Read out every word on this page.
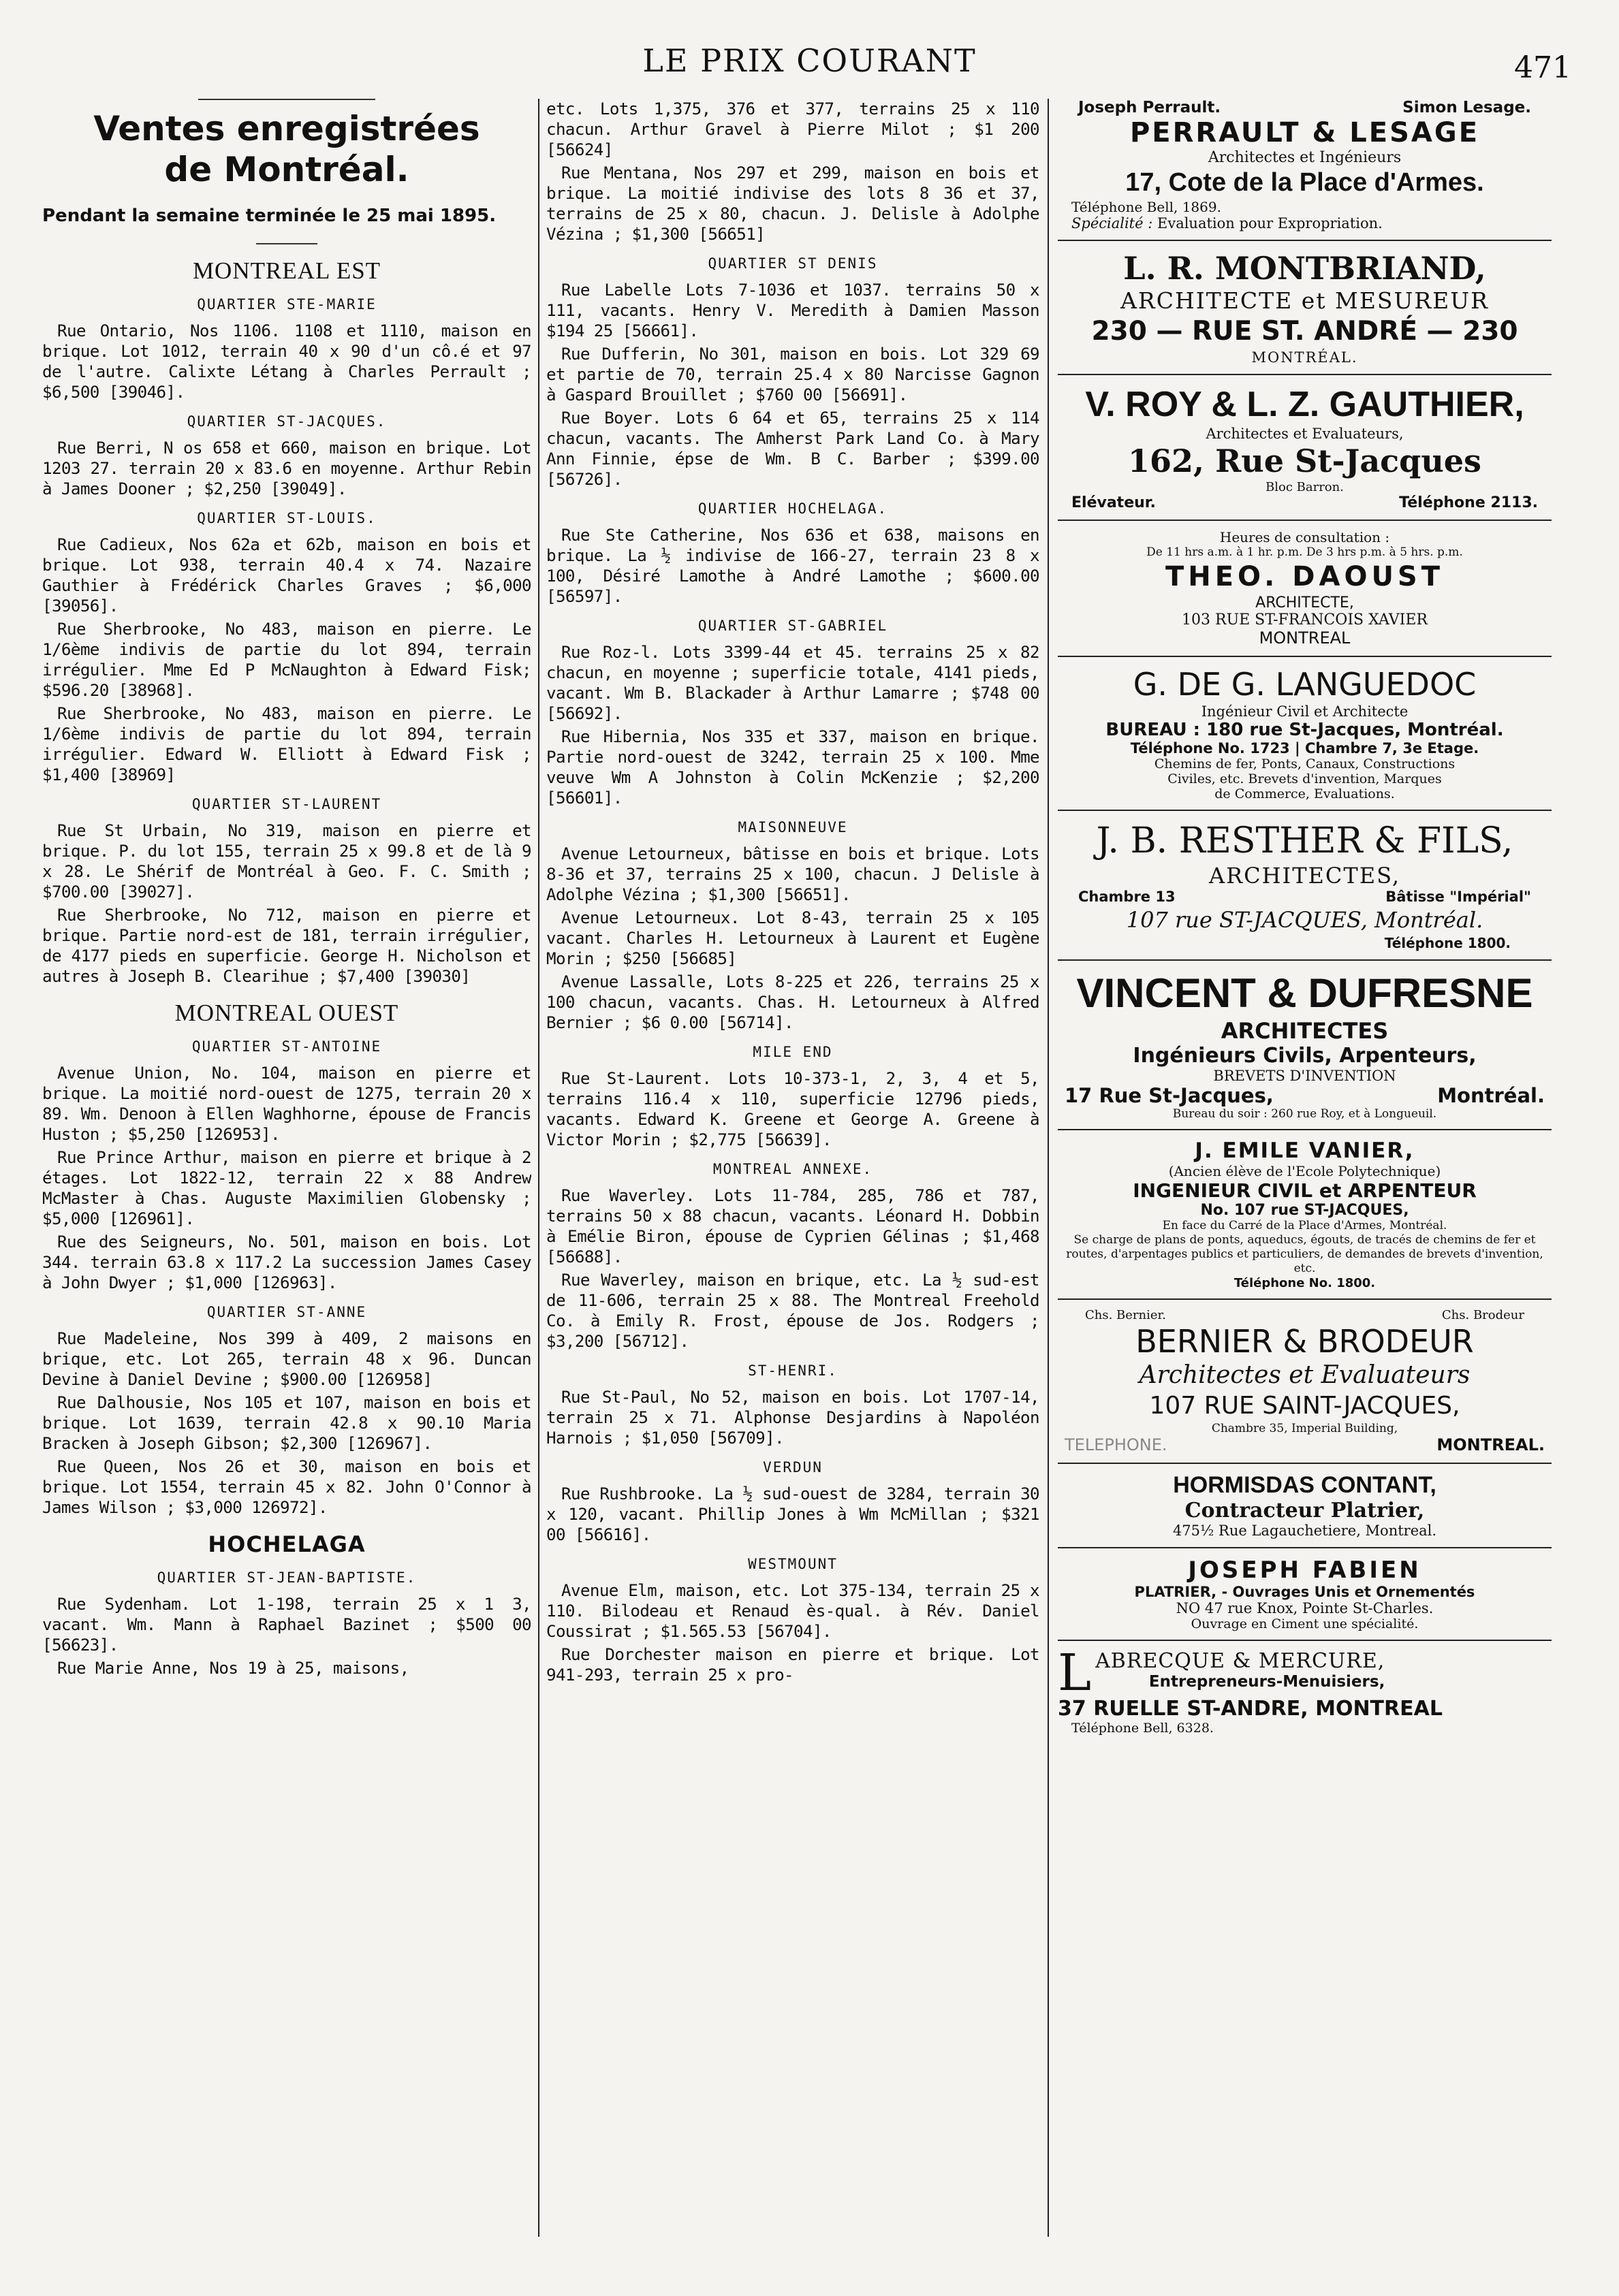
LE PRIX COURANT	471
Ventes enregistrées
de Montréal.
Pendant la semaine terminée le 25 mai 1895.
MONTREAL EST
QUARTIER STE-MARIE
Rue Ontario, Nos 1106. 1108 et 1110, maison en brique. Lot 1012, terrain 40 x 90 d'un cô.é et 97 de l'autre. Calixte Létang à Charles Perrault ; $6,500 [39046].
QUARTIER ST-JACQUES.
Rue Berri, N os 658 et 660, maison en brique. Lot 1203 27. terrain 20 x 83.6 en moyenne. Arthur Rebin à James Dooner ; $2,250 [39049].
QUARTIER ST-LOUIS.
Rue Cadieux, Nos 62a et 62b, maison en bois et brique. Lot 938, terrain 40.4 x 74. Nazaire Gauthier à Frédérick Charles Graves ; $6,000 [39056].
Rue Sherbrooke, No 483, maison en pierre. Le 1/6ème indivis de partie du lot 894, terrain irrégulier. Mme Ed P McNaughton à Edward Fisk; $596.20 [38968].
Rue Sherbrooke, No 483, maison en pierre. Le 1/6ème indivis de partie du lot 894, terrain irrégulier. Edward W. Elliott à Edward Fisk ; $1,400 [38969]
QUARTIER ST-LAURENT
Rue St Urbain, No 319, maison en pierre et brique. P. du lot 155, terrain 25 x 99.8 et de là 9 x 28. Le Shérif de Montréal à Geo. F. C. Smith ; $700.00 [39027].
Rue Sherbrooke, No 712, maison en pierre et brique. Partie nord-est de 181, terrain irrégulier, de 4177 pieds en superficie. George H. Nicholson et autres à Joseph B. Clearihue ; $7,400 [39030]
MONTREAL OUEST
QUARTIER ST-ANTOINE
Avenue Union, No. 104, maison en pierre et brique. La moitié nord-ouest de 1275, terrain 20 x 89. Wm. Denoon à Ellen Waghhorne, épouse de Francis Huston ; $5,250 [126953].
Rue Prince Arthur, maison en pierre et brique à 2 étages. Lot 1822-12, terrain 22 x 88 Andrew McMaster à Chas. Auguste Maximilien Globensky ; $5,000 [126961].
Rue des Seigneurs, No. 501, maison en bois. Lot 344. terrain 63.8 x 117.2 La succession James Casey à John Dwyer ; $1,000 [126963].
QUARTIER ST-ANNE
Rue Madeleine, Nos 399 à 409, 2 maisons en brique, etc. Lot 265, terrain 48 x 96. Duncan Devine à Daniel Devine ; $900.00 [126958]
Rue Dalhousie, Nos 105 et 107, maison en bois et brique. Lot 1639, terrain 42.8 x 90.10 Maria Bracken à Joseph Gibson; $2,300 [126967].
Rue Queen, Nos 26 et 30, maison en bois et brique. Lot 1554, terrain 45 x 82. John O'Connor à James Wilson ; $3,000 126972].
HOCHELAGA
QUARTIER ST-JEAN-BAPTISTE.
Rue Sydenham. Lot 1-198, terrain 25 x 1 3, vacant. Wm. Mann à Raphael Bazinet ; $500 00 [56623].
Rue Marie Anne, Nos 19 à 25, maisons,
etc. Lots 1,375, 376 et 377, terrains 25 x 110 chacun. Arthur Gravel à Pierre Milot ; $1 200 [56624]
Rue Mentana, Nos 297 et 299, maison en bois et brique. La moitié indivise des lots 8 36 et 37, terrains de 25 x 80, chacun. J. Delisle à Adolphe Vézina ; $1,300 [56651]
QUARTIER ST DENIS
Rue Labelle Lots 7-1036 et 1037. terrains 50 x 111, vacants. Henry V. Meredith à Damien Masson $194 25 [56661].
Rue Dufferin, No 301, maison en bois. Lot 329 69 et partie de 70, terrain 25.4 x 80 Narcisse Gagnon à Gaspard Brouillet ; $760 00 [56691].
Rue Boyer. Lots 6 64 et 65, terrains 25 x 114 chacun, vacants. The Amherst Park Land Co. à Mary Ann Finnie, épse de Wm. B C. Barber ; $399.00 [56726].
QUARTIER HOCHELAGA.
Rue Ste Catherine, Nos 636 et 638, maisons en brique. La ½ indivise de 166-27, terrain 23 8 x 100, Désiré Lamothe à André Lamothe ; $600.00 [56597].
QUARTIER ST-GABRIEL
Rue Roz-l. Lots 3399-44 et 45. terrains 25 x 82 chacun, en moyenne ; superficie totale, 4141 pieds, vacant. Wm B. Blackader à Arthur Lamarre ; $748 00 [56692].
Rue Hibernia, Nos 335 et 337, maison en brique. Partie nord-ouest de 3242, terrain 25 x 100. Mme veuve Wm A Johnston à Colin McKenzie ; $2,200 [56601].
MAISONNEUVE
Avenue Letourneux, bâtisse en bois et brique. Lots 8-36 et 37, terrains 25 x 100, chacun. J Delisle à Adolphe Vézina ; $1,300 [56651].
Avenue Letourneux. Lot 8-43, terrain 25 x 105 vacant. Charles H. Letourneux à Laurent et Eugène Morin ; $250 [56685]
Avenue Lassalle, Lots 8-225 et 226, terrains 25 x 100 chacun, vacants. Chas. H. Letourneux à Alfred Bernier ; $6 0.00 [56714].
MILE END
Rue St-Laurent. Lots 10-373-1, 2, 3, 4 et 5, terrains 116.4 x 110, superficie 12796 pieds, vacants. Edward K. Greene et George A. Greene à Victor Morin ; $2,775 [56639].
MONTREAL ANNEXE.
Rue Waverley. Lots 11-784, 285, 786 et 787, terrains 50 x 88 chacun, vacants. Léonard H. Dobbin à Emélie Biron, épouse de Cyprien Gélinas ; $1,468 [56688].
Rue Waverley, maison en brique, etc. La ½ sud-est de 11-606, terrain 25 x 88. The Montreal Freehold Co. à Emily R. Frost, épouse de Jos. Rodgers ; $3,200 [56712].
ST-HENRI.
Rue St-Paul, No 52, maison en bois. Lot 1707-14, terrain 25 x 71. Alphonse Desjardins à Napoléon Harnois ; $1,050 [56709].
VERDUN
Rue Rushbrooke. La ½ sud-ouest de 3284, terrain 30 x 120, vacant. Phillip Jones à Wm McMillan ; $321 00 [56616].
WESTMOUNT
Avenue Elm, maison, etc. Lot 375-134, terrain 25 x 110. Bilodeau et Renaud ès-qual. à Rév. Daniel Coussirat ; $1.565.53 [56704].
Rue Dorchester maison en pierre et brique. Lot 941-293, terrain 25 x pro-
Joseph Perrault.	Simon Lesage.
PERRAULT & LESAGE
Architectes et Ingénieurs
17, Cote de la Place d'Armes.
Téléphone Bell, 1869.
Spécialité : Evaluation pour Expropriation.
L. R. MONTBRIAND,
ARCHITECTE et MESUREUR
230 — RUE ST. ANDRÉ — 230
MONTRÉAL.
V. ROY & L. Z. GAUTHIER,
Architectes et Evaluateurs,
162, Rue St-Jacques
Bloc Barron.
Elévateur.	Téléphone 2113.
Heures de consultation :
De 11 hrs a.m. à 1 hr. p.m. De 3 hrs p.m. à 5 hrs. p.m.
THEO. DAOUST
ARCHITECTE,
103 RUE ST-FRANCOIS XAVIER
MONTREAL
G. DE G. LANGUEDOC
Ingénieur Civil et Architecte
BUREAU : 180 rue St-Jacques, Montréal.
Téléphone No. 1723 | Chambre 7, 3e Etage.
Chemins de fer, Ponts, Canaux, Constructions
Civiles, etc. Brevets d'invention, Marques
de Commerce, Evaluations.
J. B. RESTHER & FILS,
ARCHITECTES,
Chambre 13	Bâtisse "Impérial"
107 rue ST-JACQUES, Montréal.
Téléphone 1800.
VINCENT & DUFRESNE
ARCHITECTES
Ingénieurs Civils, Arpenteurs,
BREVETS D'INVENTION
17 Rue St-Jacques,	Montréal.
Bureau du soir : 260 rue Roy, et à Longueuil.
J. EMILE VANIER,
(Ancien élève de l'Ecole Polytechnique)
INGENIEUR CIVIL et ARPENTEUR
No. 107 rue ST-JACQUES,
En face du Carré de la Place d'Armes, Montréal.
Se charge de plans de ponts, aqueducs, égouts, de tracés de chemins de fer et routes, d'arpentages publics et particuliers, de demandes de brevets d'invention, etc.
Téléphone No. 1800.
Chs. Bernier.	Chs. Brodeur
BERNIER & BRODEUR
Architectes et Evaluateurs
107 RUE SAINT-JACQUES,
Chambre 35, Imperial Building,
TELEPHONE.	MONTREAL.
HORMISDAS CONTANT,
Contracteur Platrier,
475½ Rue Lagauchetiere, Montreal.
JOSEPH FABIEN
PLATRIER, - Ouvrages Unis et Ornementés
NO 47 rue Knox, Pointe St-Charles.
Ouvrage en Ciment une spécialité.
L ABRECQUE & MERCURE,
Entrepreneurs-Menuisiers,
37 RUELLE ST-ANDRE, MONTREAL
Téléphone Bell, 6328.
